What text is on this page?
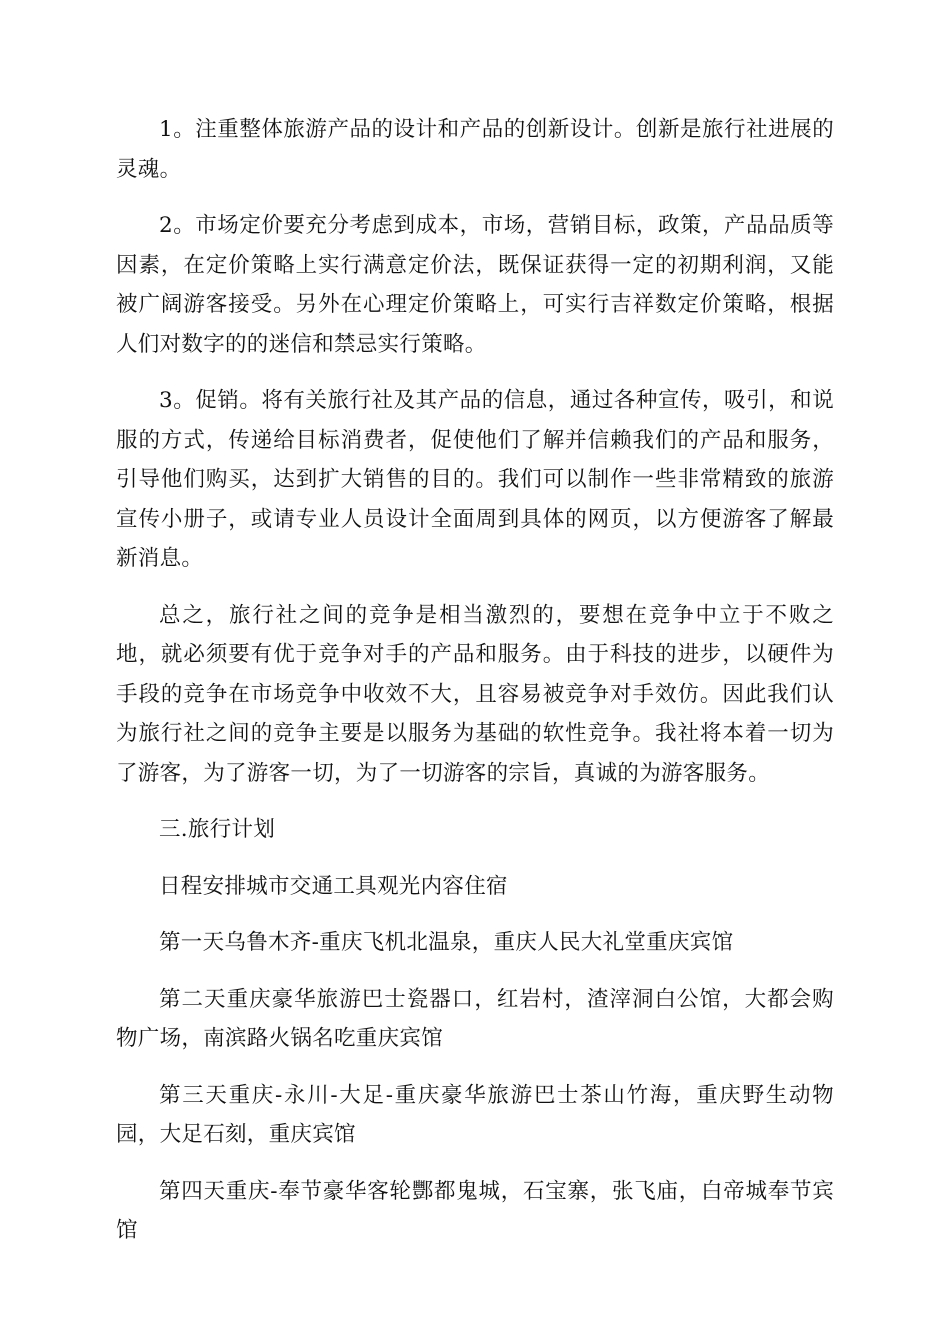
1。注重整体旅游产品的设计和产品的创新设计。创新是旅行社进展的灵魂。

2。市场定价要充分考虑到成本，市场，营销目标，政策，产品品质等因素，在定价策略上实行满意定价法，既保证获得一定的初期利润，又能被广阔游客接受。另外在心理定价策略上，可实行吉祥数定价策略，根据人们对数字的的迷信和禁忌实行策略。

3。促销。将有关旅行社及其产品的信息，通过各种宣传，吸引，和说服的方式，传递给目标消费者，促使他们了解并信赖我们的产品和服务，引导他们购买，达到扩大销售的目的。我们可以制作一些非常精致的旅游宣传小册子，或请专业人员设计全面周到具体的网页，以方便游客了解最新消息。

总之，旅行社之间的竞争是相当激烈的，要想在竞争中立于不败之地，就必须要有优于竞争对手的产品和服务。由于科技的进步，以硬件为手段的竞争在市场竞争中收效不大，且容易被竞争对手效仿。因此我们认为旅行社之间的竞争主要是以服务为基础的软性竞争。我社将本着一切为了游客，为了游客一切，为了一切游客的宗旨，真诚的为游客服务。

三.旅行计划

日程安排城市交通工具观光内容住宿

第一天乌鲁木齐-重庆飞机北温泉，重庆人民大礼堂重庆宾馆

第二天重庆豪华旅游巴士瓷器口，红岩村，渣滓洞白公馆，大都会购物广场，南滨路火锅名吃重庆宾馆

第三天重庆-永川-大足-重庆豪华旅游巴士茶山竹海，重庆野生动物园，大足石刻，重庆宾馆

第四天重庆-奉节豪华客轮酆都鬼城，石宝寨，张飞庙，白帝城奉节宾馆
